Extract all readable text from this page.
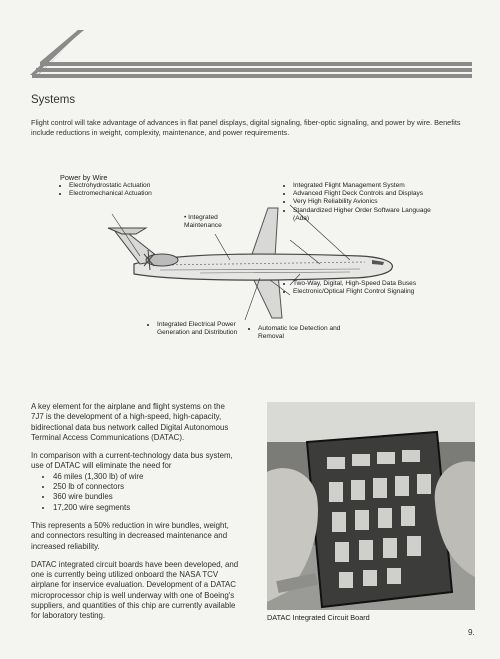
Systems
Flight control will take advantage of advances in flat panel displays, digital signaling, fiber-optic signaling, and power by wire. Benefits include reductions in weight, complexity, maintenance, and power requirements.
Power by Wire
• Electrohydrostatic Actuation
• Electromechanical Actuation
• Integrated Maintenance
• Integrated Flight Management System
• Advanced Flight Deck Controls and Displays
• Very High Reliability Avionics
• Standardized Higher Order Software Language (Ada)
• Two-Way, Digital, High-Speed Data Buses
• Electronic/Optical Flight Control Signaling
• Integrated Electrical Power Generation and Distribution
• Automatic Ice Detection and Removal

A key element for the airplane and flight systems on the 7J7 is the development of a high-speed, high-capacity, bidirectional data bus network called Digital Autonomous Terminal Access Communications (DATAC).

In comparison with a current-technology data bus system, use of DATAC will eliminate the need for

• 46 miles (1,300 lb) of wire
• 250 lb of connectors
• 360 wire bundles
• 17,200 wire segments

This represents a 50% reduction in wire bundles, weight, and connectors resulting in decreased maintenance and increased reliability.

DATAC integrated circuit boards have been developed, and one is currently being utilized onboard the NASA TCV airplane for inservice evaluation. Development of a DATAC microprocessor chip is well underway with one of Boeing's suppliers, and quantities of this chip are currently available for laboratory testing.	DATAC Integrated Circuit Board
9.
